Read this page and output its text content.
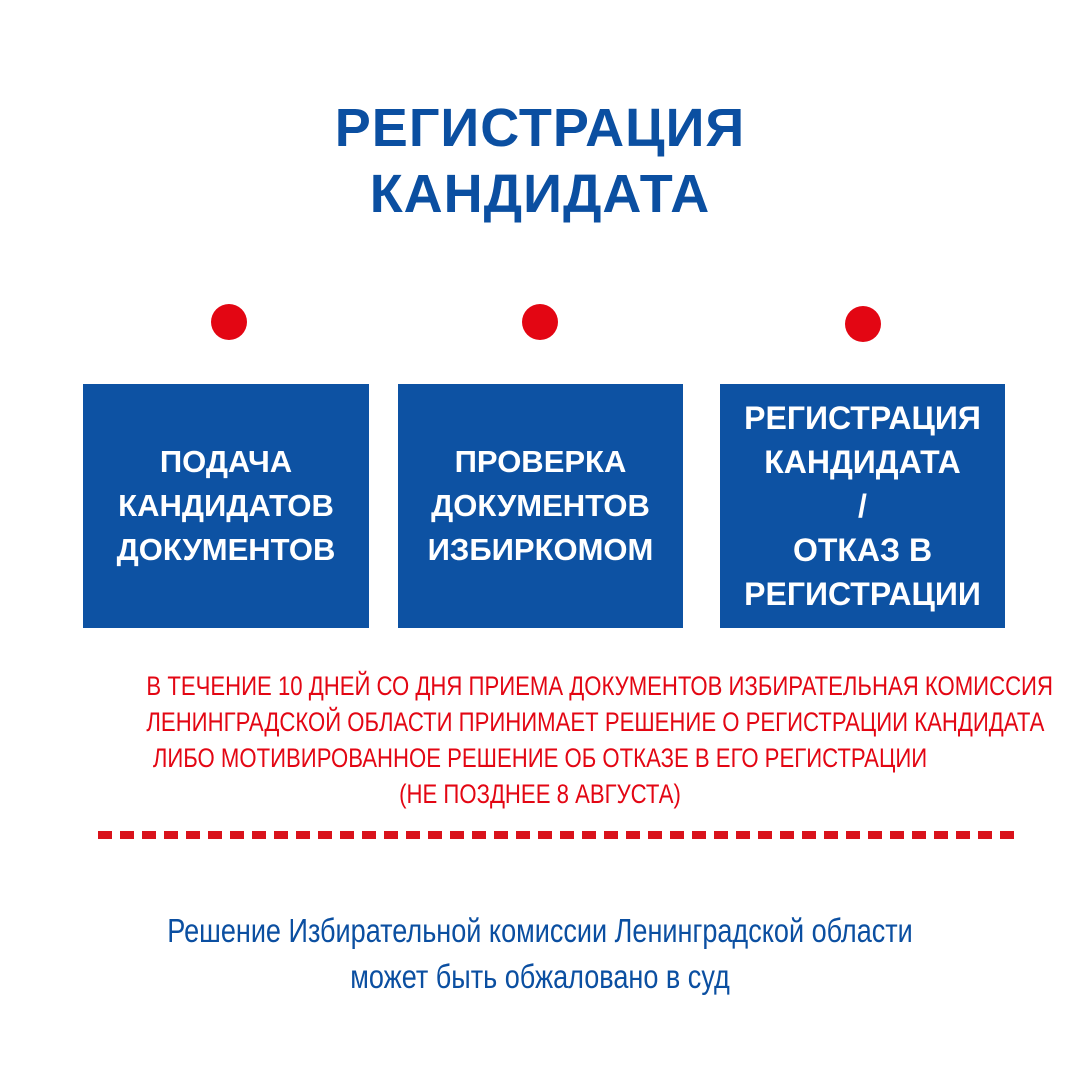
РЕГИСТРАЦИЯ
КАНДИДАТА
ПОДАЧА
КАНДИДАТОВ
ДОКУМЕНТОВ
ПРОВЕРКА
ДОКУМЕНТОВ
ИЗБИРКОМОМ
РЕГИСТРАЦИЯ
КАНДИДАТА
/
ОТКАЗ В
РЕГИСТРАЦИИ
В ТЕЧЕНИЕ 10 ДНЕЙ СО ДНЯ ПРИЕМА ДОКУМЕНТОВ ИЗБИРАТЕЛЬНАЯ КОМИССИЯ
ЛЕНИНГРАДСКОЙ ОБЛАСТИ ПРИНИМАЕТ РЕШЕНИЕ О РЕГИСТРАЦИИ КАНДИДАТА
ЛИБО МОТИВИРОВАННОЕ РЕШЕНИЕ ОБ ОТКАЗЕ В ЕГО РЕГИСТРАЦИИ
(НЕ ПОЗДНЕЕ 8 АВГУСТА)
Решение Избирательной комиссии Ленинградской области
может быть обжаловано в суд
